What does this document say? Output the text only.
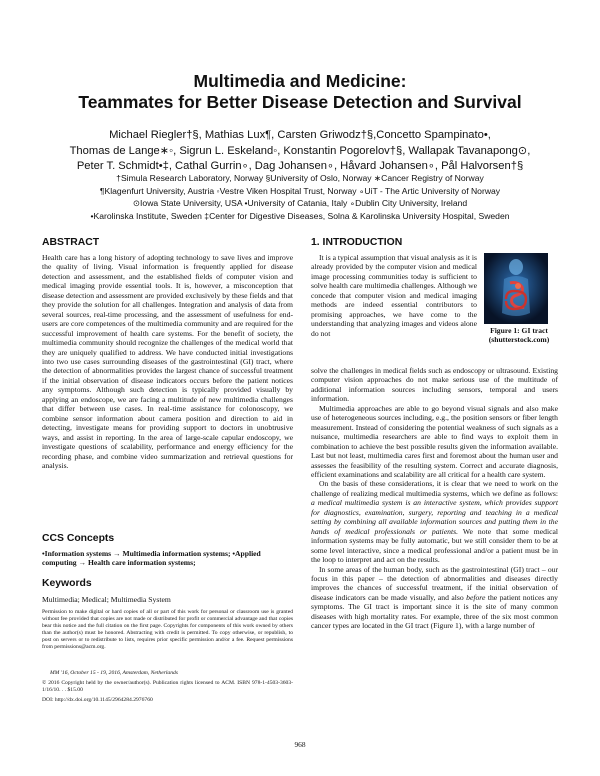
Multimedia and Medicine:
Teammates for Better Disease Detection and Survival
Michael Riegler†§, Mathias Lux¶, Carsten Griwodz†§,Concetto Spampinato•,
Thomas de Lange∗◦, Sigrun L. Eskeland◦, Konstantin Pogorelov†§, Wallapak Tavanapong⊙,
Peter T. Schmidt•‡, Cathal Gurrin∘, Dag Johansen∘, Håvard Johansen∘, Pål Halvorsen†§
†Simula Research Laboratory, Norway §University of Oslo, Norway ∗Cancer Registry of Norway
¶Klagenfurt University, Austria ◦Vestre Viken Hospital Trust, Norway ∘UiT - The Artic University of Norway
⊙Iowa State University, USA •University of Catania, Italy ∘Dublin City University, Ireland
•Karolinska Institute, Sweden ‡Center for Digestive Diseases, Solna & Karolinska University Hospital, Sweden
ABSTRACT

Health care has a long history of adopting technology to save lives and improve the quality of living. Visual information is frequently applied for disease detection and assessment, and the established fields of computer vision and medical imaging provide essential tools. It is, however, a misconception that disease detection and assessment are provided exclusively by these fields and that they provide the solution for all challenges. Integration and analysis of data from several sources, real-time processing, and the assessment of usefulness for end-users are core competences of the multimedia community and are required for the successful improvement of health care systems. For the benefit of society, the multimedia community should recognize the challenges of the medical world that they are uniquely qualified to address. We have conducted initial investigations into two use cases surrounding diseases of the gastrointestinal (GI) tract, where the detection of abnormalities provides the largest chance of successful treatment if the initial observation of disease indicators occurs before the patient notices any symptoms. Although such detection is typically provided visually by applying an endoscope, we are facing a multitude of new multimedia challenges that differ between use cases. In real-time assistance for colonoscopy, we combine sensor information about camera position and direction to aid in detecting, investigate means for providing support to doctors in unobtrusive ways, and assist in reporting. In the area of large-scale capular endoscopy, we investigate questions of scalability, performance and energy efficiency for the recording phase, and combine video summarization and retrieval questions for analysis.

CCS Concepts
•Information systems → Multimedia information systems; •Applied computing → Health care information systems;
Keywords
Multimedia; Medical; Multimedia System
Permission to make digital or hard copies of all or part of this work for personal or classroom use is granted without fee provided that copies are not made or distributed for profit or commercial advantage and that copies bear this notice and the full citation on the first page. Copyrights for components of this work owned by others than the author(s) must be honored. Abstracting with credit is permitted. To copy otherwise, or republish, to post on servers or to redistribute to lists, requires prior specific permission and/or a fee. Request permissions from permissions@acm.org.
MM '16, October 15 - 19, 2016, Amsterdam, Netherlands
© 2016 Copyright held by the owner/author(s). Publication rights licensed to ACM. ISBN 978-1-4503-3603-1/16/10. . . $15.00
DOI: http://dx.doi.org/10.1145/2964284.2976760
1. INTRODUCTION

It is a typical assumption that visual analysis as it is already provided by the computer vision and medical image processing communities today is sufficient to solve health care multimedia challenges. Although we concede that computer vision and medical imaging methods are indeed essential contributors to promising approaches, we have come to the understanding that analyzing images and videos alone do not	Figure 1: GI tract (shutterstock.com)

solve the challenges in medical fields such as endoscopy or ultrasound. Existing computer vision approaches do not make serious use of the multitude of additional information sources including sensors, temporal and users information.

Multimedia approaches are able to go beyond visual signals and also make use of heterogeneous sources including, e.g., the position sensors or fiber length measurement. Instead of considering the potential weakness of such signals as a nuisance, multimedia researchers are able to find ways to exploit them in combination to achieve the best possible results given the information available. Last but not least, multimedia cares first and foremost about the human user and assesses the feasibility of the resulting system. Correct and accurate diagnosis, efficient examinations and scalability are all critical for a health care system.

On the basis of these considerations, it is clear that we need to work on the challenge of realizing medical multimedia systems, which we define as follows: a medical multimedia system is an interactive system, which provides support for diagnostics, examination, surgery, reporting and teaching in a medical setting by combining all available information sources and putting them in the hands of medical professionals or patients. We note that some medical information systems may be fully automatic, but we still consider them to be at some level interactive, since a medical professional and/or a patient must be in the loop to interpret and act on the results.

In some areas of the human body, such as the gastrointestinal (GI) tract – our focus in this paper – the detection of abnormalities and diseases directly improves the chances of successful treatment, if the initial observation of disease indicators can be made visually, and also before the patient notices any symptoms. The GI tract is important since it is the site of many common diseases with high mortality rates. For example, three of the six most common cancer types are located in the GI tract (Figure 1), with a large number of

968
